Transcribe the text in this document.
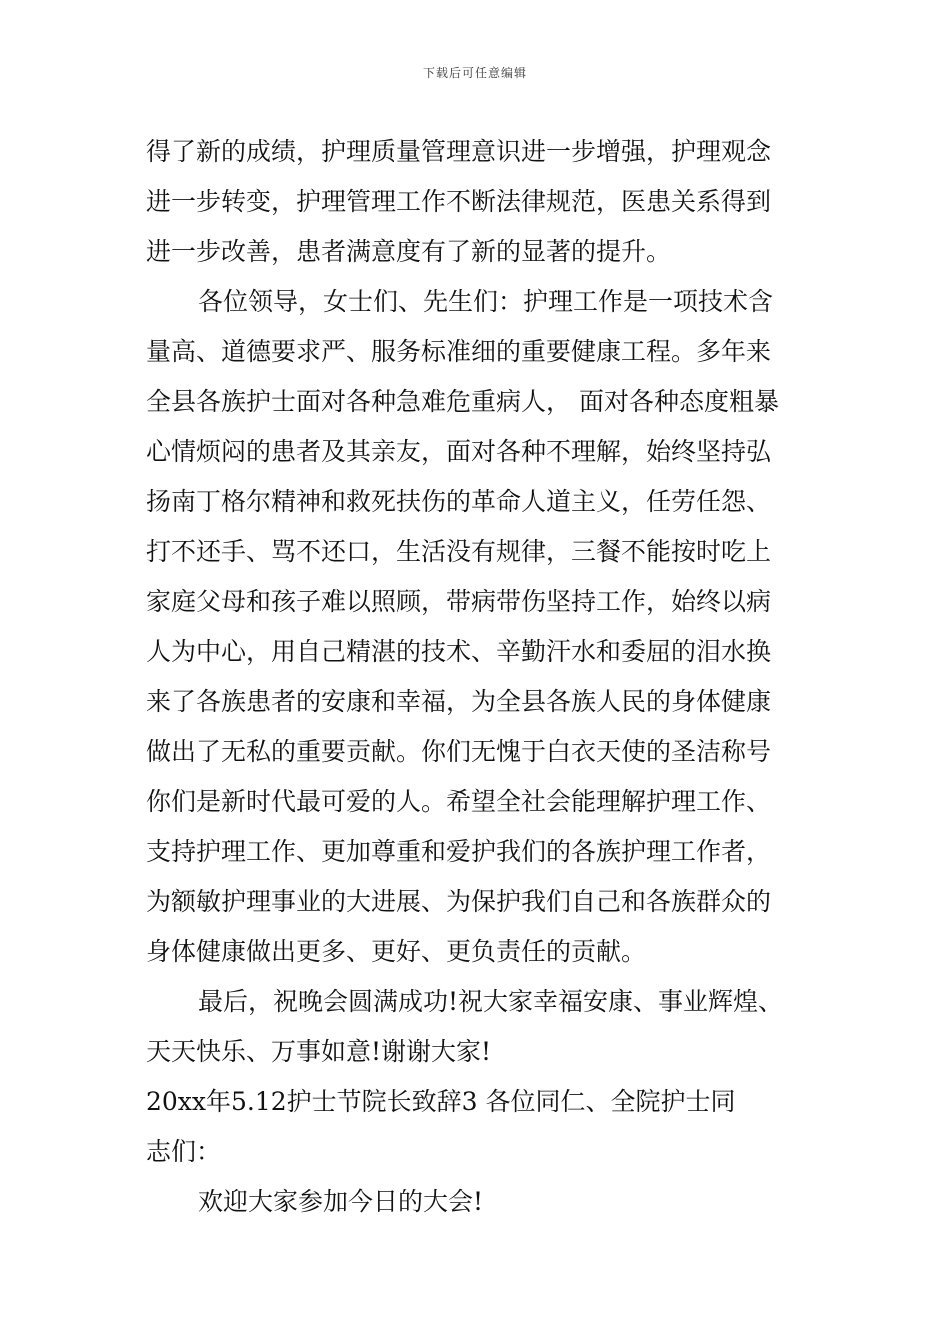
下载后可任意编辑
得了新的成绩，护理质量管理意识进一步增强，护理观念
进一步转变，护理管理工作不断法律规范，医患关系得到
进一步改善，患者满意度有了新的显著的提升。
各位领导，女士们、先生们：护理工作是一项技术含
量高、道德要求严、服务标准细的重要健康工程。多年来
全县各族护士面对各种急难危重病人， 面对各种态度粗暴
心情烦闷的患者及其亲友，面对各种不理解，始终坚持弘
扬南丁格尔精神和救死扶伤的革命人道主义，任劳任怨、
打不还手、骂不还口，生活没有规律，三餐不能按时吃上
家庭父母和孩子难以照顾，带病带伤坚持工作，始终以病
人为中心，用自己精湛的技术、辛勤汗水和委屈的泪水换
来了各族患者的安康和幸福，为全县各族人民的身体健康
做出了无私的重要贡献。你们无愧于白衣天使的圣洁称号
你们是新时代最可爱的人。希望全社会能理解护理工作、
支持护理工作、更加尊重和爱护我们的各族护理工作者，
为额敏护理事业的大进展、为保护我们自己和各族群众的
身体健康做出更多、更好、更负责任的贡献。
最后，祝晚会圆满成功!祝大家幸福安康、事业辉煌、
天天快乐、万事如意!谢谢大家!
20xx年5.12护士节院长致辞3 各位同仁、全院护士同
志们：
欢迎大家参加今日的大会!
